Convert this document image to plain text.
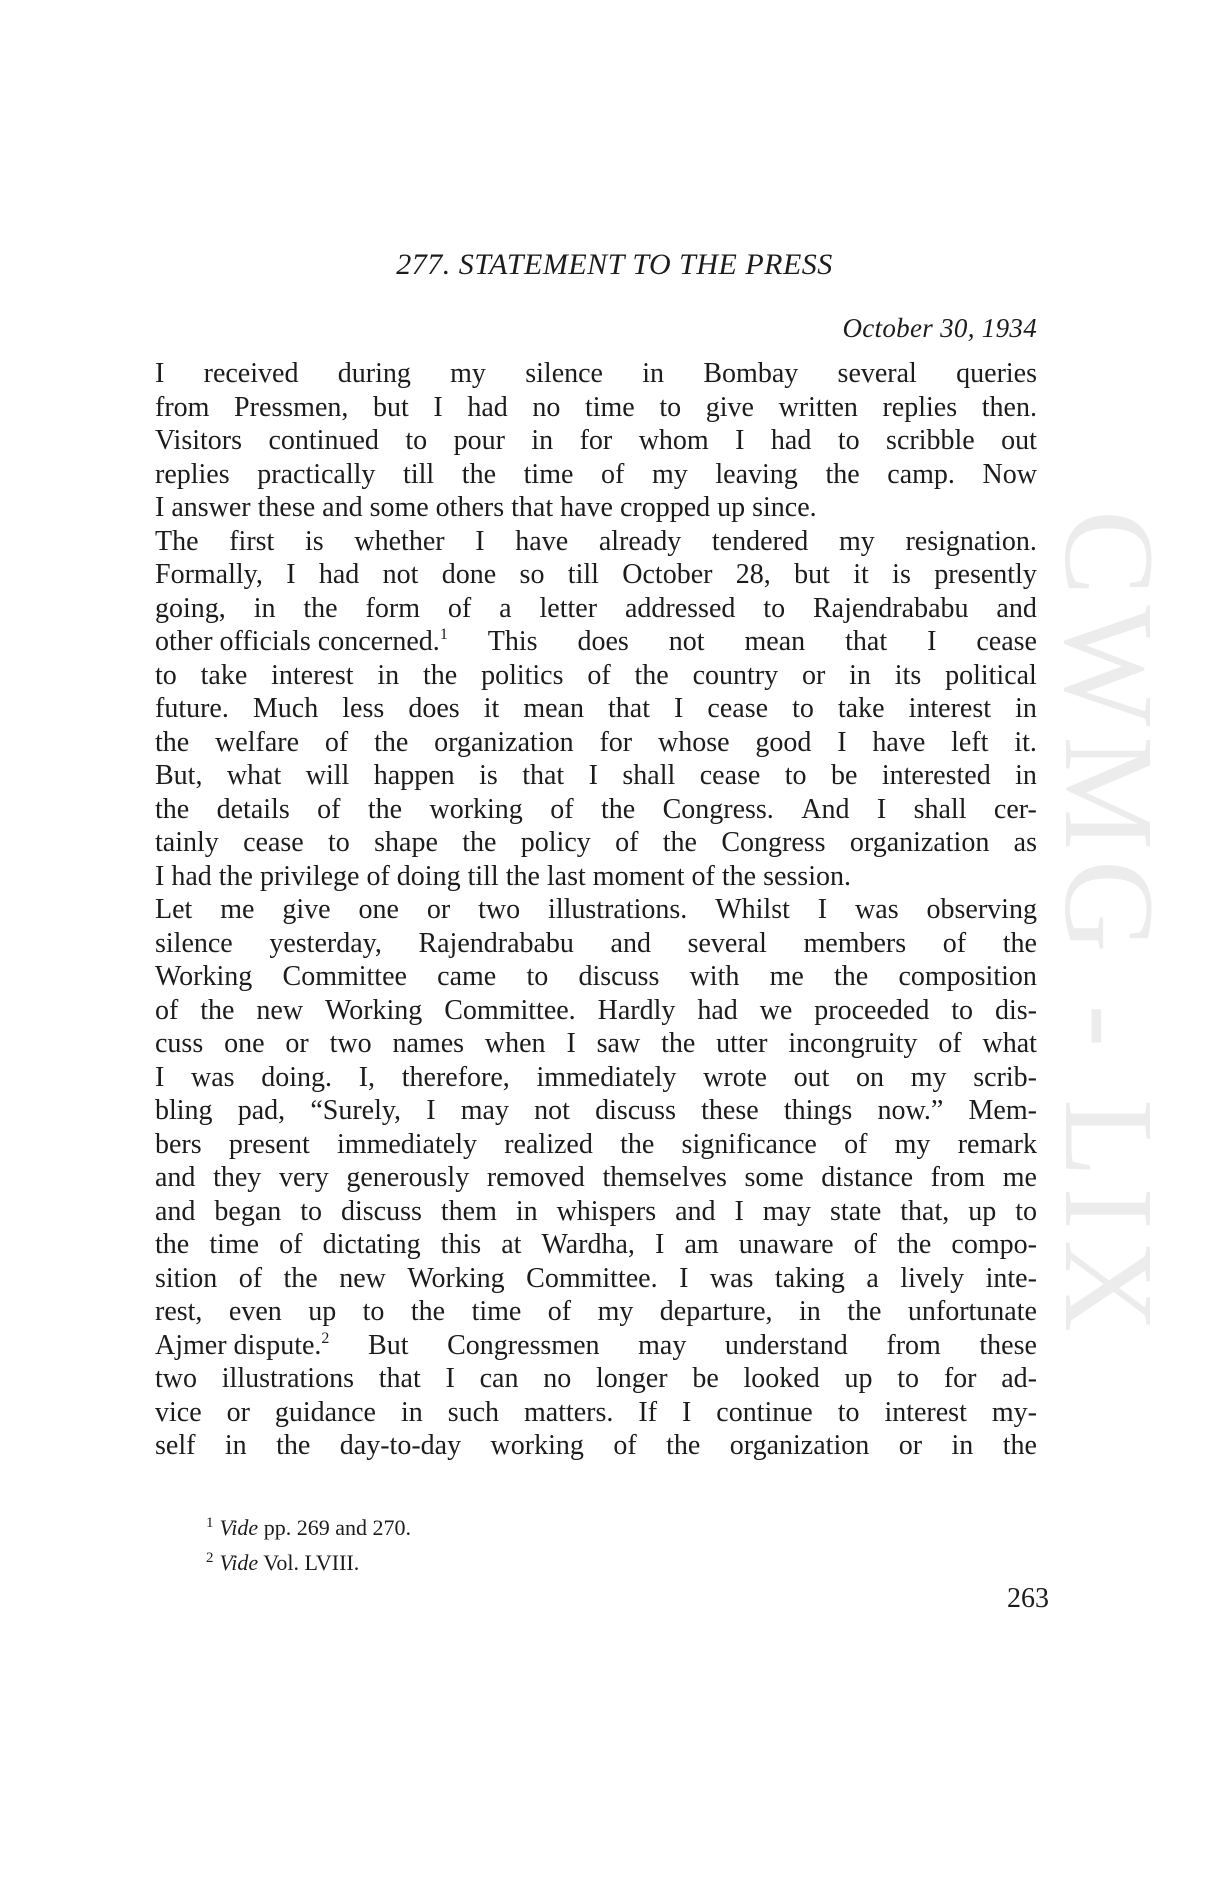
CWMG - LIX
277. STATEMENT TO THE PRESS
October 30, 1934
I received during my silence in Bombay several queries
from Pressmen, but I had no time to give written replies then.
Visitors continued to pour in for whom I had to scribble out
replies practically till the time of my leaving the camp. Now
I answer these and some others that have cropped up since.
The first is whether I have already tendered my resignation.
Formally, I had not done so till October 28, but it is presently
going, in the form of a letter addressed to Rajendrababu and
other officials concerned.$^1$ This does not mean that I cease
to take interest in the politics of the country or in its political
future. Much less does it mean that I cease to take interest in
the welfare of the organization for whose good I have left it.
But, what will happen is that I shall cease to be interested in
the details of the working of the Congress. And I shall cer-
tainly cease to shape the policy of the Congress organization as
I had the privilege of doing till the last moment of the session.
Let me give one or two illustrations. Whilst I was observing
silence yesterday, Rajendrababu and several members of the
Working Committee came to discuss with me the composition
of the new Working Committee. Hardly had we proceeded to dis-
cuss one or two names when I saw the utter incongruity of what
I was doing. I, therefore, immediately wrote out on my scrib-
bling pad, “Surely, I may not discuss these things now.” Mem-
bers present immediately realized the significance of my remark
and they very generously removed themselves some distance from me
and began to discuss them in whispers and I may state that, up to
the time of dictating this at Wardha, I am unaware of the compo-
sition of the new Working Committee. I was taking a lively inte-
rest, even up to the time of my departure, in the unfortunate
Ajmer dispute.$^2$ But Congressmen may understand from these
two illustrations that I can no longer be looked up to for ad-
vice or guidance in such matters. If I continue to interest my-
self in the day-to-day working of the organization or in the
$^1$ Vide pp. 269 and 270.
$^2$ Vide Vol. LVIII.
263
